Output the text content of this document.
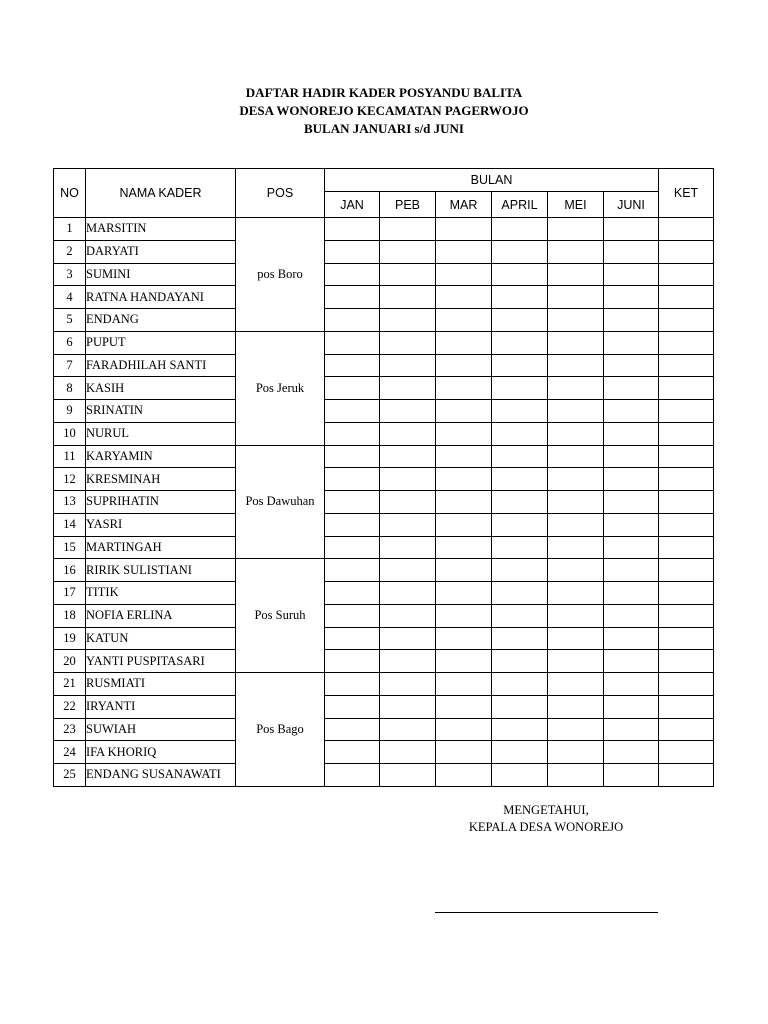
DAFTAR HADIR KADER POSYANDU BALITA
DESA WONOREJO KECAMATAN PAGERWOJO
BULAN JANUARI s/d JUNI
NO	NAMA KADER	POS	BULAN						KET
			JAN	PEB	MAR	APRIL	MEI	JUNI	
1	MARSITIN	pos Boro							
2	DARYATI								
3	SUMINI								
4	RATNA HANDAYANI								
5	ENDANG								
6	PUPUT	Pos Jeruk							
7	FARADHILAH SANTI								
8	KASIH								
9	SRINATIN								
10	NURUL								
11	KARYAMIN	Pos Dawuhan							
12	KRESMINAH								
13	SUPRIHATIN								
14	YASRI								
15	MARTINGAH								
16	RIRIK SULISTIANI	Pos Suruh							
17	TITIK								
18	NOFIA ERLINA								
19	KATUN								
20	YANTI PUSPITASARI								
21	RUSMIATI	Pos Bago							
22	IRYANTI								
23	SUWIAH								
24	IFA KHORIQ								
25	ENDANG SUSANAWATI								
MENGETAHUI,
KEPALA DESA WONOREJO
